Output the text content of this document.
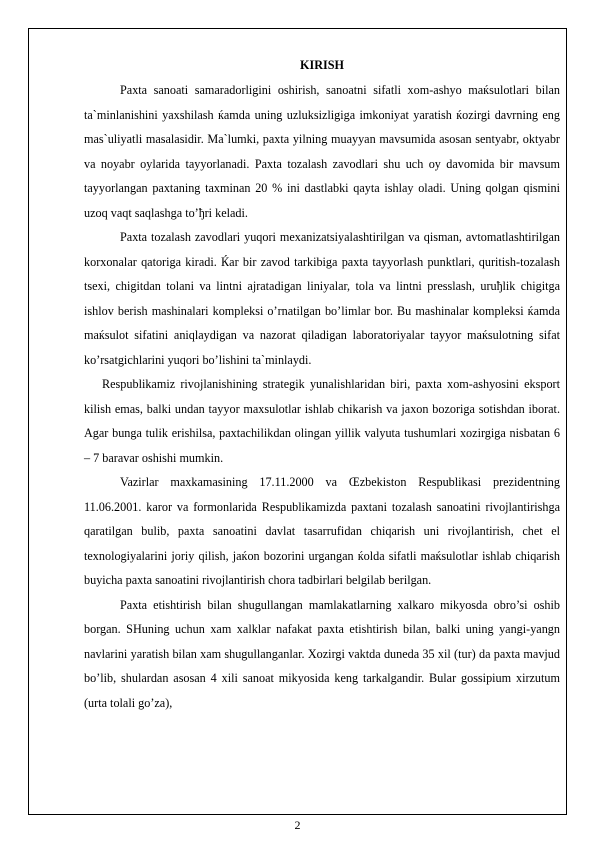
KIRISH

Paxta sanoati samaradorligini oshirish, sanoatni sifatli xom-ashyo maќsulotlari bilan ta`minlanishini yaxshilash ќamda uning uzluksizligiga imkoniyat yaratish ќozirgi davrning eng mas`uliyatli masalasidir. Ma`lumki, paxta yilning muayyan mavsumida asosan sentyabr, oktyabr va noyabr oylarida tayyorlanadi. Paxta tozalash zavodlari shu uch oy davomida bir mavsum tayyorlangan paxtaning taxminan 20 % ini dastlabki qayta ishlay oladi. Uning qolgan qismini uzoq vaqt saqlashga to’ђri keladi.

Paxta tozalash zavodlari yuqori mexanizatsiyalashtirilgan va qisman, avtomatlashtirilgan korxonalar qatoriga kiradi. Ќar bir zavod tarkibiga paxta tayyorlash punktlari, quritish-tozalash tsexi, chigitdan tolani va lintni ajratadigan liniyalar, tola va lintni presslash, uruђlik chigitga ishlov berish mashinalari kompleksi o’rnatilgan bo’limlar bor. Bu mashinalar kompleksi ќamda maќsulot sifatini aniqlaydigan va nazorat qiladigan laboratoriyalar tayyor maќsulotning sifat ko’rsatgichlarini yuqori bo’lishini ta`minlaydi.

Respublikamiz rivojlanishining strategik yunalishlaridan biri, paxta xom-ashyosini eksport kilish emas, balki undan tayyor maxsulotlar ishlab chikarish va jaxon bozoriga sotishdan iborat. Agar bunga tulik erishilsa, paxtachilikdan olingan yillik valyuta tushumlari xozirgiga nisbatan 6 – 7 baravar oshishi mumkin.

Vazirlar maxkamasining 17.11.2000 va Œzbekiston Respublikasi prezidentning 11.06.2001. karor va formonlarida Respublikamizda paxtani tozalash sanoatini rivojlantirishga qaratilgan bulib, paxta sanoatini davlat tasarrufidan chiqarish uni rivojlantirish, chet el texnologiyalarini joriy qilish, jaќon bozorini urgangan ќolda sifatli maќsulotlar ishlab chiqarish buyicha paxta sanoatini rivojlantirish chora tadbirlari belgilab berilgan.

Paxta etishtirish bilan shugullangan mamlakatlarning xalkaro mikyosda obro’si oshib borgan. SHuning uchun xam xalklar nafakat paxta etishtirish bilan, balki uning yangi-yangn navlarini yaratish bilan xam shugullanganlar. Xozirgi vaktda duneda 35 xil (tur) da paxta mavjud bo’lib, shulardan asosan 4 xili sanoat mikyosida keng tarkalgandir. Bular gossipium xirzutum (urta tolali go’za),

2
